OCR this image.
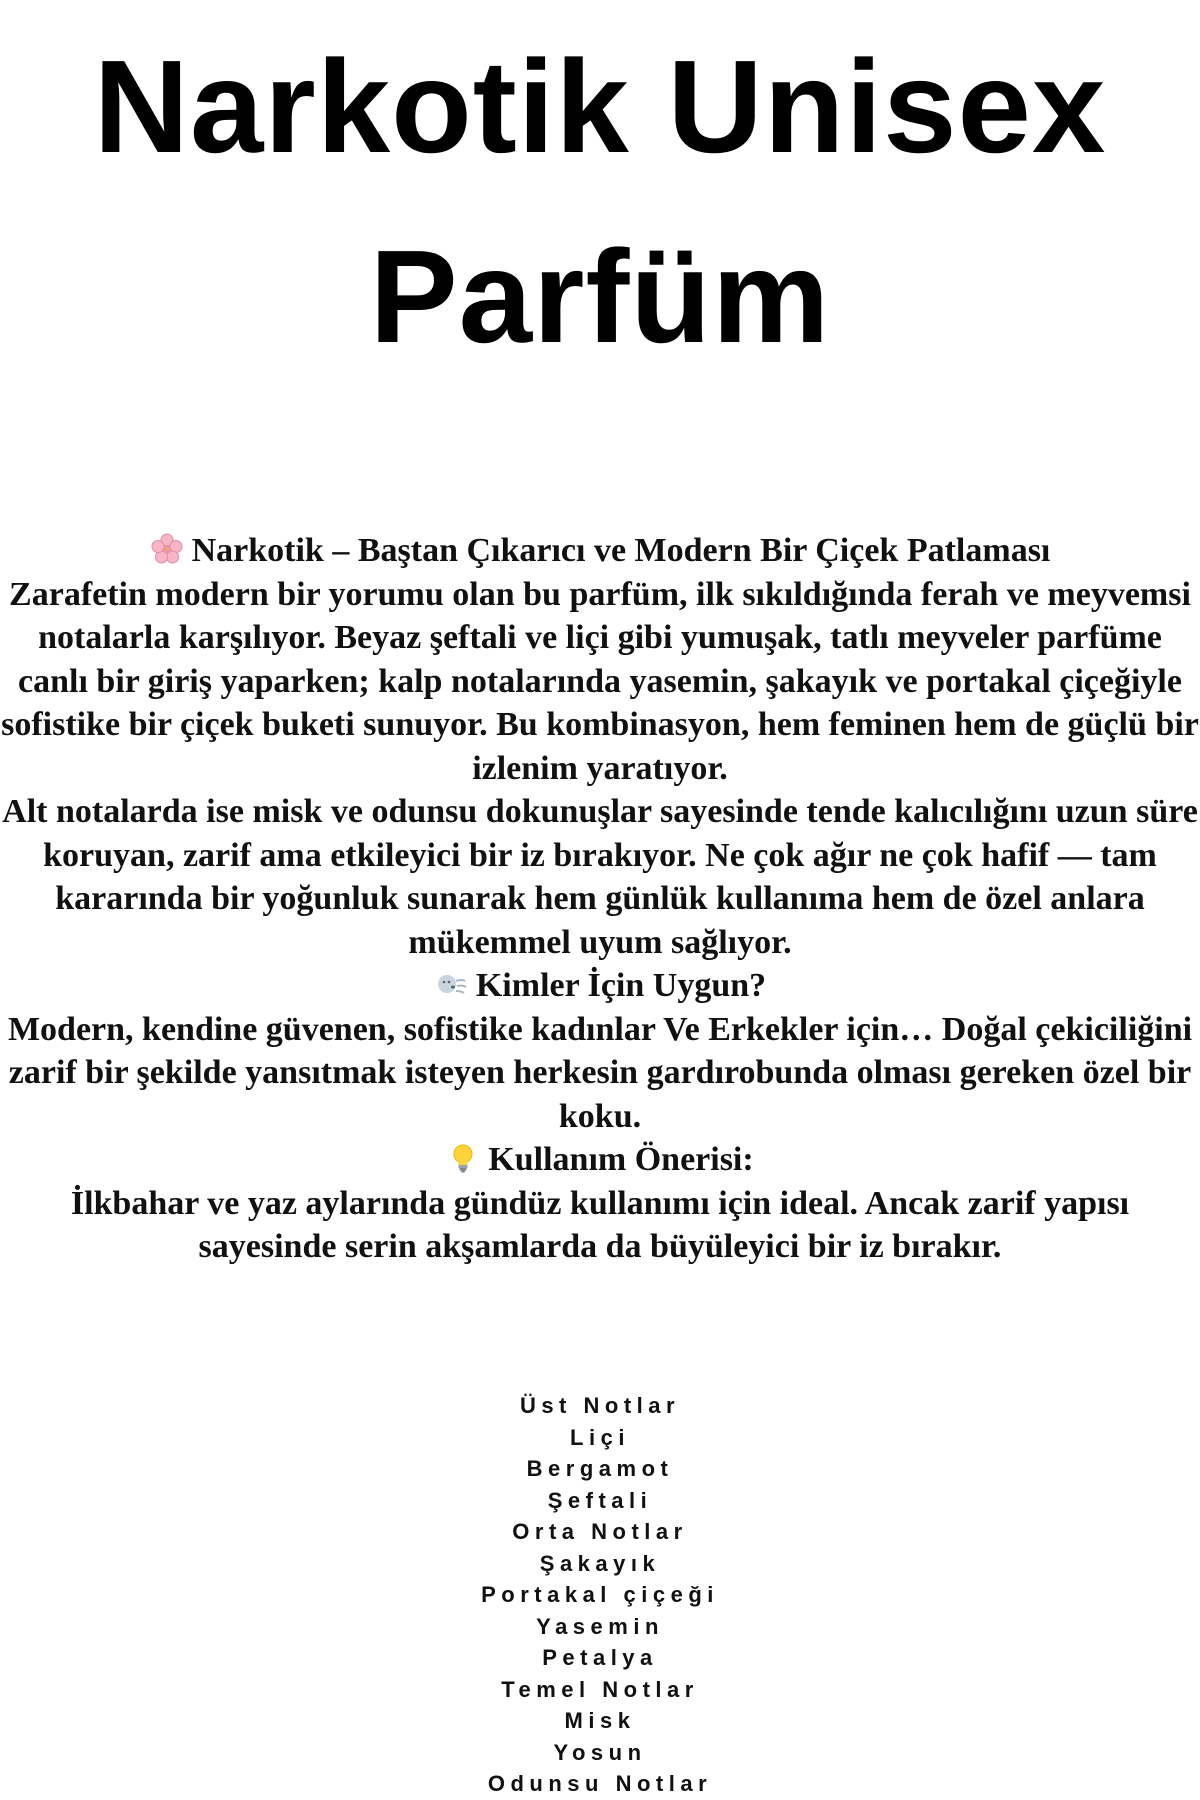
Narkotik Unisex
Parfüm

Narkotik – Baştan Çıkarıcı ve Modern Bir Çiçek Patlaması

Zarafetin modern bir yorumu olan bu parfüm, ilk sıkıldığında ferah ve meyvemsi notalarla karşılıyor. Beyaz şeftali ve liçi gibi yumuşak, tatlı meyveler parfüme canlı bir giriş yaparken; kalp notalarında yasemin, şakayık ve portakal çiçeğiyle sofistike bir çiçek buketi sunuyor. Bu kombinasyon, hem feminen hem de güçlü bir izlenim yaratıyor.

Alt notalarda ise misk ve odunsu dokunuşlar sayesinde tende kalıcılığını uzun süre koruyan, zarif ama etkileyici bir iz bırakıyor. Ne çok ağır ne çok hafif — tam kararında bir yoğunluk sunarak hem günlük kullanıma hem de özel anlara mükemmel uyum sağlıyor.

Kimler İçin Uygun?

Modern, kendine güvenen, sofistike kadınlar Ve Erkekler için… Doğal çekiciliğini zarif bir şekilde yansıtmak isteyen herkesin gardırobunda olması gereken özel bir koku.

Kullanım Önerisi:

İlkbahar ve yaz aylarında gündüz kullanımı için ideal. Ancak zarif yapısı sayesinde serin akşamlarda da büyüleyici bir iz bırakır.

Üst Notlar
Liçi
Bergamot
Şeftali
Orta Notlar
Şakayık
Portakal çiçeği
Yasemin
Petalya
Temel Notlar
Misk
Yosun
Odunsu Notlar
